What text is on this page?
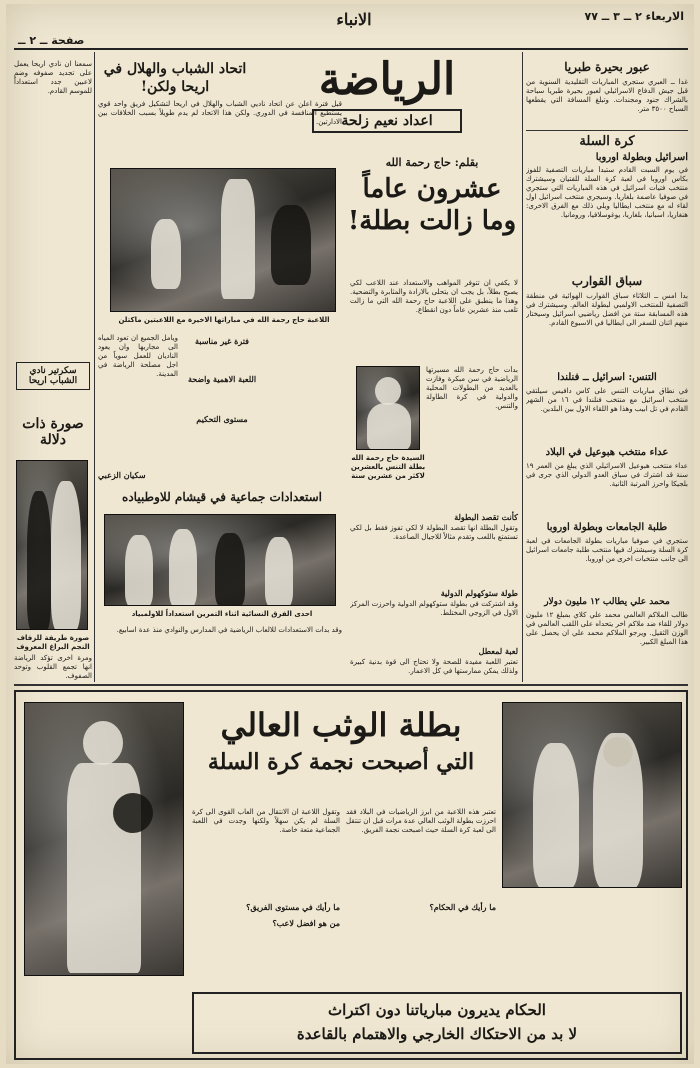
صفحة ــ ٢ ــ
الانباء	الاربعاء ٢ ــ ٣ ــ ٧٧
عبور بحيرة طبريا
غدا ــ العبري ستجري المباريات التقليدية السنوية من قبل جيش الدفاع الاسرائيلي لعبور بحيرة طبريا سباحة بالشراك جنود ومجندات. وتبلغ المسافة التي يقطعها السباح ٣٥٠٠ متر.
كرة السلة
اسرائيل وبطولة اوروبا
في يوم السبت القادم ستبدأ مباريات التصفية للفوز بكاس اوروبا في لعبة كرة السلة للفتيان وسيشترك منتخب فتيات اسرائيل في هذه المباريات التي ستجري في صوفيا عاصمة بلغاريا. وسيجري منتخب اسرائيل اول لقاء له مع منتخب ايطاليا ويلي ذلك مع الفرق الاخرى: هنغاريا، اسبانيا، بلغاريا، يوغوسلافيا، ورومانيا.
سباق القوارب
بدأ امس ــ الثلاثاء سباق القوارب الهوائية في منطقة التصفية للمنتخب الاولمبي لبطولة العالم. وسيشترك في هذه المسابقة ستة من افضل رياضيي اسرائيل وسيختار منهم اثنان للسفر الى ايطاليا في الاسبوع القادم.
التنس: اسرائيل ــ فنلندا
في نطاق مباريات التنس على كأس دافيس سيلتقي منتخب اسرائيل مع منتخب فنلندا في ١٦ من الشهر القادم في تل ابيب وهذا هو اللقاء الاول بين البلدين.
عداء منتخب هبوعيل في البلاد
عداء منتخب هبوعيل الاسرائيلي الذي يبلغ من العمر ١٩ سنة قد اشترك في سباق العدو الدولي الذي جرى في بلجيكا واحرز المرتبة الثانية.
طلبة الجامعات وبطولة اوروبا
ستجري في صوفيا مباريات بطولة الجامعات في لعبة كرة السلة وسيشترك فيها منتخب طلبة جامعات اسرائيل الى جانب منتخبات اخرى من اوروبا.
محمد علي يطالب ١٢ مليون دولار
طالب الملاكم العالمي محمد علي كلاي بمبلغ ١٢ مليون دولار للقاء ضد ملاكم اخر يتحداه على اللقب العالمي في الوزن الثقيل. ويرجو الملاكم محمد علي ان يحصل على هذا المبلغ الكبير.
الرياضة
اعداد نعيم زلحة
بقلم: حاج رحمة الله
عشرون عاماً وما زالت بطلة!
لا يكفي ان تتوفر المواهب والاستعداد عند اللاعب لكي يصبح بطلاً، بل يجب ان يتحلى بالارادة والمثابرة والتضحية. وهذا ما ينطبق على اللاعبة حاج رحمة الله التي ما زالت تلعب منذ عشرين عاماً دون انقطاع.
السيدة حاج رحمة الله بطلة التنس بالعشرين لاكثر من عشرين سنة
بدأت حاج رحمة الله مسيرتها الرياضية في سن مبكرة وفازت بالعديد من البطولات المحلية والدولية في كرة الطاولة والتنس.
كأنت تقصد البطولة
وتقول البطلة انها تقصد البطولة لا لكي تفوز فقط بل لكي تستمتع باللعب وتقدم مثالاً للاجيال الصاعدة.
طولة ستوكهولم الدولية
وقد اشتركت في بطولة ستوكهولم الدولية واحرزت المركز الاول في الزوجي المختلط.
لعبة لمعطل
تعتبر اللعبة مفيدة للصحة ولا تحتاج الى قوة بدنية كبيرة ولذلك يمكن ممارستها في كل الاعمار.
اتحاد الشباب والهلال في اريحا ولكن!
قبل فترة اعلن عن اتحاد ناديي الشباب والهلال في اريحا لتشكيل فريق واحد قوي يستطيع المنافسة في الدوري. ولكن هذا الاتحاد لم يدم طويلاً بسبب الخلافات بين الادارتين.
اللاعبة حاج رحمة الله في مباراتها الاخيرة مع اللاعبتين ماكتلن
ويأمل الجميع ان تعود المياه الى مجاريها وان يعود الناديان للعمل سوياً من اجل مصلحة الرياضة في المدينة.
فترة غير مناسبة
اللعبة الاهمية واضحة
مستوى التحكيم
سكيان الزعبي
استعدادات جماعية في قيشام للاوطبياده
احدى الفرق النسائية اثناء التمرين استعداداً للاولمبياد
وقد بدأت الاستعدادات للالعاب الرياضية في المدارس والنوادي منذ عدة اسابيع.
سمعنا ان نادي اريحا يعمل على تجديد صفوفه وضم لاعبين جدد استعداداً للموسم القادم.
سكرتير نادي الشباب اريحا
صورة ذات دلالة
صورة طريفة للزفاف النجم البراغ المعروف
ومرة اخرى تؤكد الرياضة انها تجمع القلوب وتوحد الصفوف.
بطلة الوثب العالي
التي أصبحت نجمة كرة السلة
تعتبر هذه اللاعبة من ابرز الرياضيات في البلاد فقد احرزت بطولة الوثب العالي عدة مرات قبل ان تنتقل الى لعبة كرة السلة حيث اصبحت نجمة الفريق.
وتقول اللاعبة ان الانتقال من العاب القوى الى كرة السلة لم يكن سهلاً ولكنها وجدت في اللعبة الجماعية متعة خاصة.
ما رأيك في مستوى الفريق؟	ما رأيك في الحكام؟
من هو افضل لاعب؟
الحكام يديرون مبارياتنا دون اكتراث
لا بد من الاحتكاك الخارجي والاهتمام بالقاعدة
